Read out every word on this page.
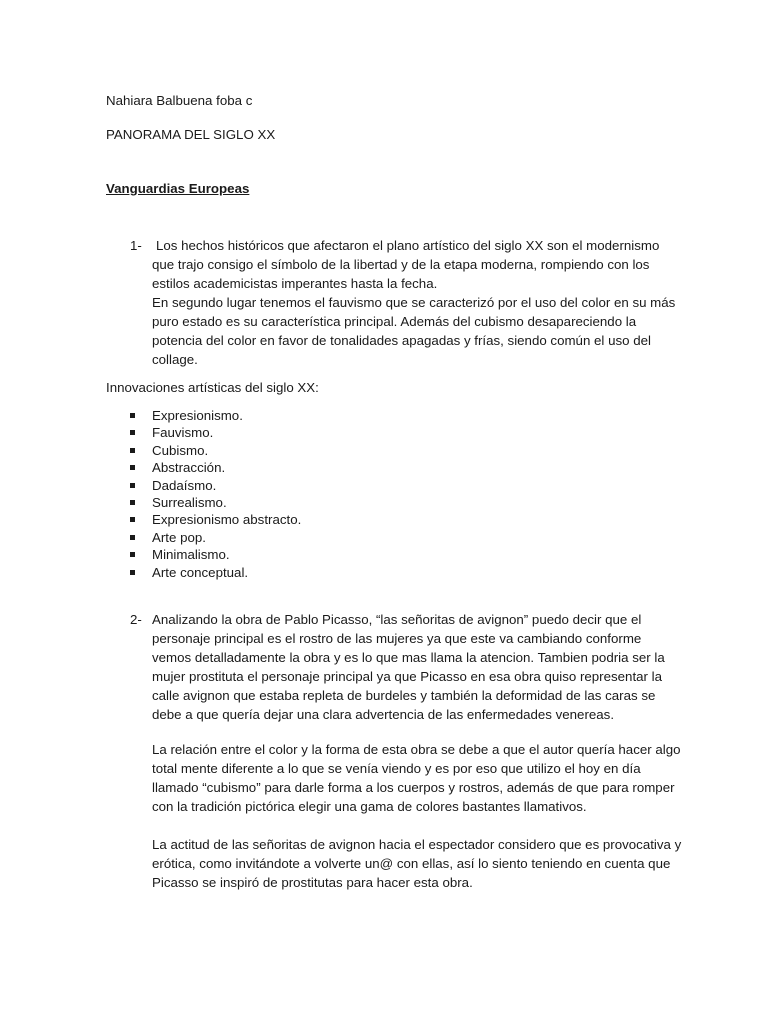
Nahiara Balbuena foba c
PANORAMA DEL SIGLO XX
Vanguardias Europeas
1-	Los hechos históricos que afectaron el plano artístico del siglo XX son el modernismo que trajo consigo el símbolo de la libertad y de la etapa moderna, rompiendo con los estilos academicistas imperantes hasta la fecha.
En segundo lugar tenemos el fauvismo que se caracterizó por el uso del color en su más puro estado es su característica principal. Además del cubismo desapareciendo la potencia del color en favor de tonalidades apagadas y frías, siendo común el uso del collage.
Innovaciones artísticas del siglo XX:
Expresionismo.
Fauvismo.
Cubismo.
Abstracción.
Dadaísmo.
Surrealismo.
Expresionismo abstracto.
Arte pop.
Minimalismo.
Arte conceptual.
2- Analizando la obra de Pablo Picasso, “las señoritas de avignon” puedo decir que el personaje principal es el rostro de las mujeres ya que este va cambiando conforme vemos detalladamente la obra y es lo que mas llama la atencion. Tambien podria ser la mujer prostituta el personaje principal ya que Picasso en esa obra quiso representar la calle avignon que estaba repleta de burdeles y también la deformidad de las caras se debe a que quería dejar una clara advertencia de las enfermedades venereas.
La relación entre el color y la forma de esta obra se debe a que el autor quería hacer algo total mente diferente a lo que se venía viendo y es por eso que utilizo el hoy en día llamado “cubismo” para darle forma a los cuerpos y rostros, además de que para romper con la tradición pictórica elegir una gama de colores bastantes llamativos.
La actitud de las señoritas de avignon hacia el espectador considero que es provocativa y erótica, como invitándote a volverte un@ con ellas, así lo siento teniendo en cuenta que Picasso se inspiró de prostitutas para hacer esta obra.
